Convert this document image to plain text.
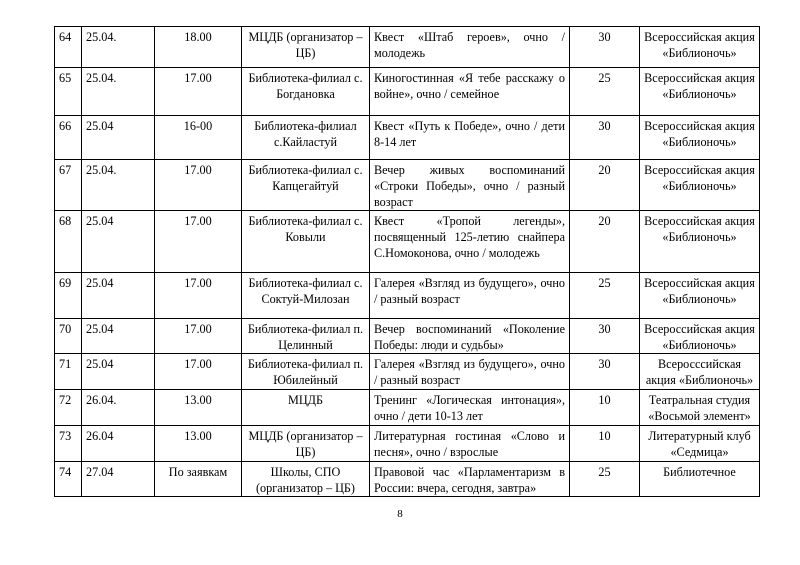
64	25.04.	18.00	МЦДБ (организатор – ЦБ)	Квест «Штаб героев», очно / молодежь	30	Всероссийская акция «Библионочь»
65	25.04.	17.00	Библиотека-филиал с. Богдановка	Киногостинная «Я тебе расскажу о войне», очно / семейное	25	Всероссийская акция «Библионочь»
66	25.04	16-00	Библиотека-филиал с.Кайластуй	Квест «Путь к Победе», очно / дети 8-14 лет	30	Всероссийская акция «Библионочь»
67	25.04.	17.00	Библиотека-филиал с. Капцегайтуй	Вечер живых воспоминаний «Строки Победы», очно / разный возраст	20	Всероссийская акция «Библионочь»
68	25.04	17.00	Библиотека-филиал с. Ковыли	Квест «Тропой легенды», посвященный 125-летию снайпера С.Номоконова, очно / молодежь	20	Всероссийская акция «Библионочь»
69	25.04	17.00	Библиотека-филиал с. Соктуй-Милозан	Галерея «Взгляд из будущего», очно / разный возраст	25	Всероссийская акция «Библионочь»
70	25.04	17.00	Библиотека-филиал п. Целинный	Вечер воспоминаний «Поколение Победы: люди и судьбы»	30	Всероссийская акция «Библионочь»
71	25.04	17.00	Библиотека-филиал п. Юбилейный	Галерея «Взгляд из будущего», очно / разный возраст	30	Всеросссийская акция «Библионочь»
72	26.04.	13.00	МЦДБ	Тренинг «Логическая интонация», очно / дети 10-13 лет	10	Театральная студия «Восьмой элемент»
73	26.04	13.00	МЦДБ (организатор – ЦБ)	Литературная гостиная «Слово и песня», очно / взрослые	10	Литературный клуб «Седмица»
74	27.04	По заявкам	Школы, СПО (организатор – ЦБ)	Правовой час «Парламентаризм в России: вчера, сегодня, завтра»	25	Библиотечное
8
